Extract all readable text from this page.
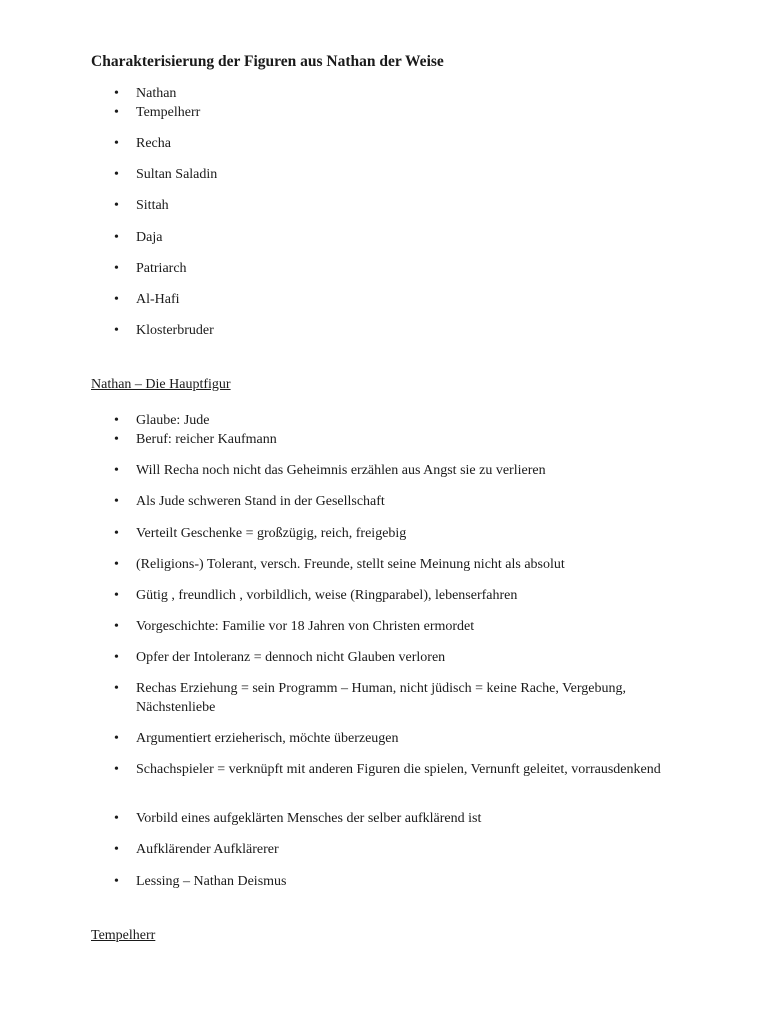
Charakterisierung der Figuren aus Nathan der Weise
• Nathan
• Tempelherr
• Recha
• Sultan Saladin
• Sittah
• Daja
• Patriarch
• Al-Hafi
• Klosterbruder
Nathan – Die Hauptfigur
• Glaube: Jude
• Beruf: reicher Kaufmann
• Will Recha noch nicht das Geheimnis erzählen aus Angst sie zu verlieren
• Als Jude schweren Stand in der Gesellschaft
• Verteilt Geschenke = großzügig, reich, freigebig
• (Religions-) Tolerant, versch. Freunde, stellt seine Meinung nicht als absolut
• Gütig , freundlich , vorbildlich, weise (Ringparabel), lebenserfahren
• Vorgeschichte: Familie vor 18 Jahren von Christen ermordet
• Opfer der Intoleranz = dennoch nicht Glauben verloren
• Rechas Erziehung = sein Programm – Human, nicht jüdisch = keine Rache, Vergebung, Nächstenliebe
• Argumentiert erzieherisch, möchte überzeugen
• Schachspieler = verknüpft mit anderen Figuren die spielen, Vernunft geleitet, vorrausdenkend
• Vorbild eines aufgeklärten Mensches der selber aufklärend ist
• Aufklärender Aufklärerer
• Lessing – Nathan Deismus
Tempelherr
